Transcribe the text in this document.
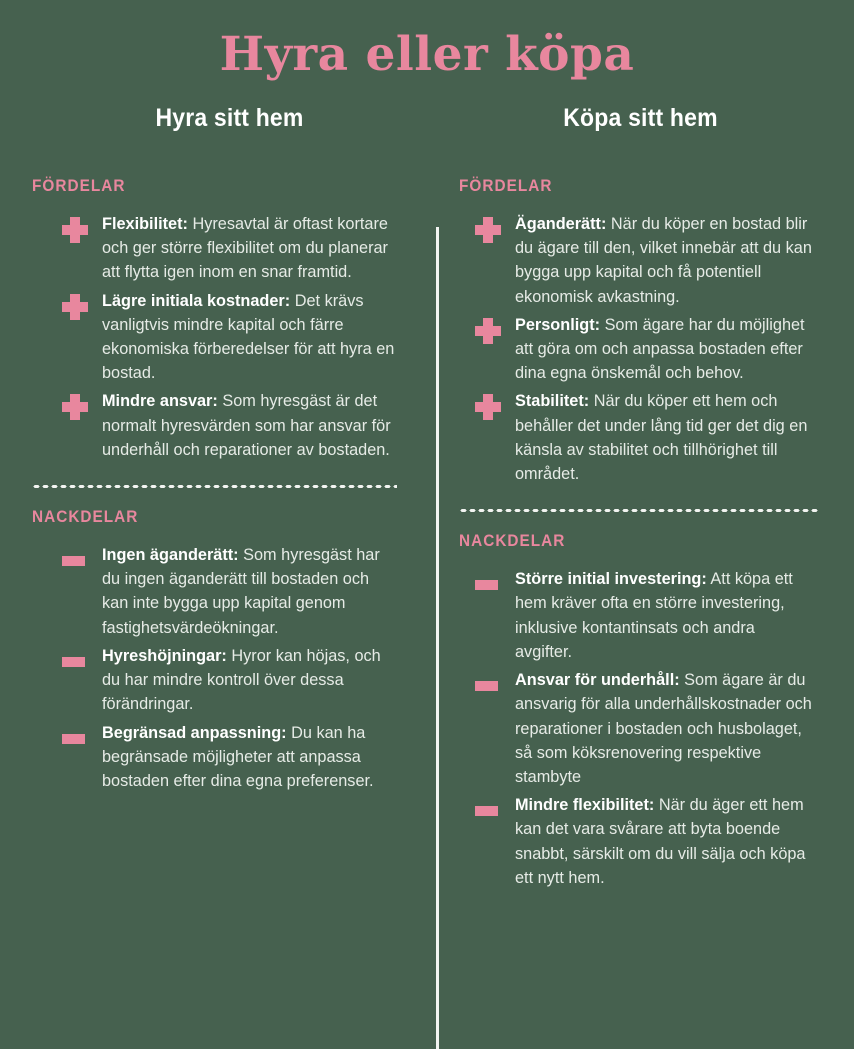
Hyra eller köpa
Hyra sitt hem
FÖRDELAR
Flexibilitet: Hyresavtal är oftast kortare och ger större flexibilitet om du planerar att flytta igen inom en snar framtid.
Lägre initiala kostnader: Det krävs vanligtvis mindre kapital och färre ekonomiska förberedelser för att hyra en bostad.
Mindre ansvar: Som hyresgäst är det normalt hyresvärden som har ansvar för underhåll och reparationer av bostaden.
NACKDELAR
Ingen äganderätt: Som hyresgäst har du ingen äganderätt till bostaden och kan inte bygga upp kapital genom fastighetsvärdeökningar.
Hyreshöjningar: Hyror kan höjas, och du har mindre kontroll över dessa förändringar.
Begränsad anpassning: Du kan ha begränsade möjligheter att anpassa bostaden efter dina egna preferenser.
Köpa sitt hem
FÖRDELAR
Äganderätt: När du köper en bostad blir du ägare till den, vilket innebär att du kan bygga upp kapital och få potentiell ekonomisk avkastning.
Personligt: Som ägare har du möjlighet att göra om och anpassa bostaden efter dina egna önskemål och behov.
Stabilitet: När du köper ett hem och behåller det under lång tid ger det dig en känsla av stabilitet och tillhörighet till området.
NACKDELAR
Större initial investering: Att köpa ett hem kräver ofta en större investering, inklusive kontantinsats och andra avgifter.
Ansvar för underhåll: Som ägare är du ansvarig för alla underhållskostnader och reparationer i bostaden och husbolaget, så som köksrenovering respektive stambyte
Mindre flexibilitet: När du äger ett hem kan det vara svårare att byta boende snabbt, särskilt om du vill sälja och köpa ett nytt hem.
